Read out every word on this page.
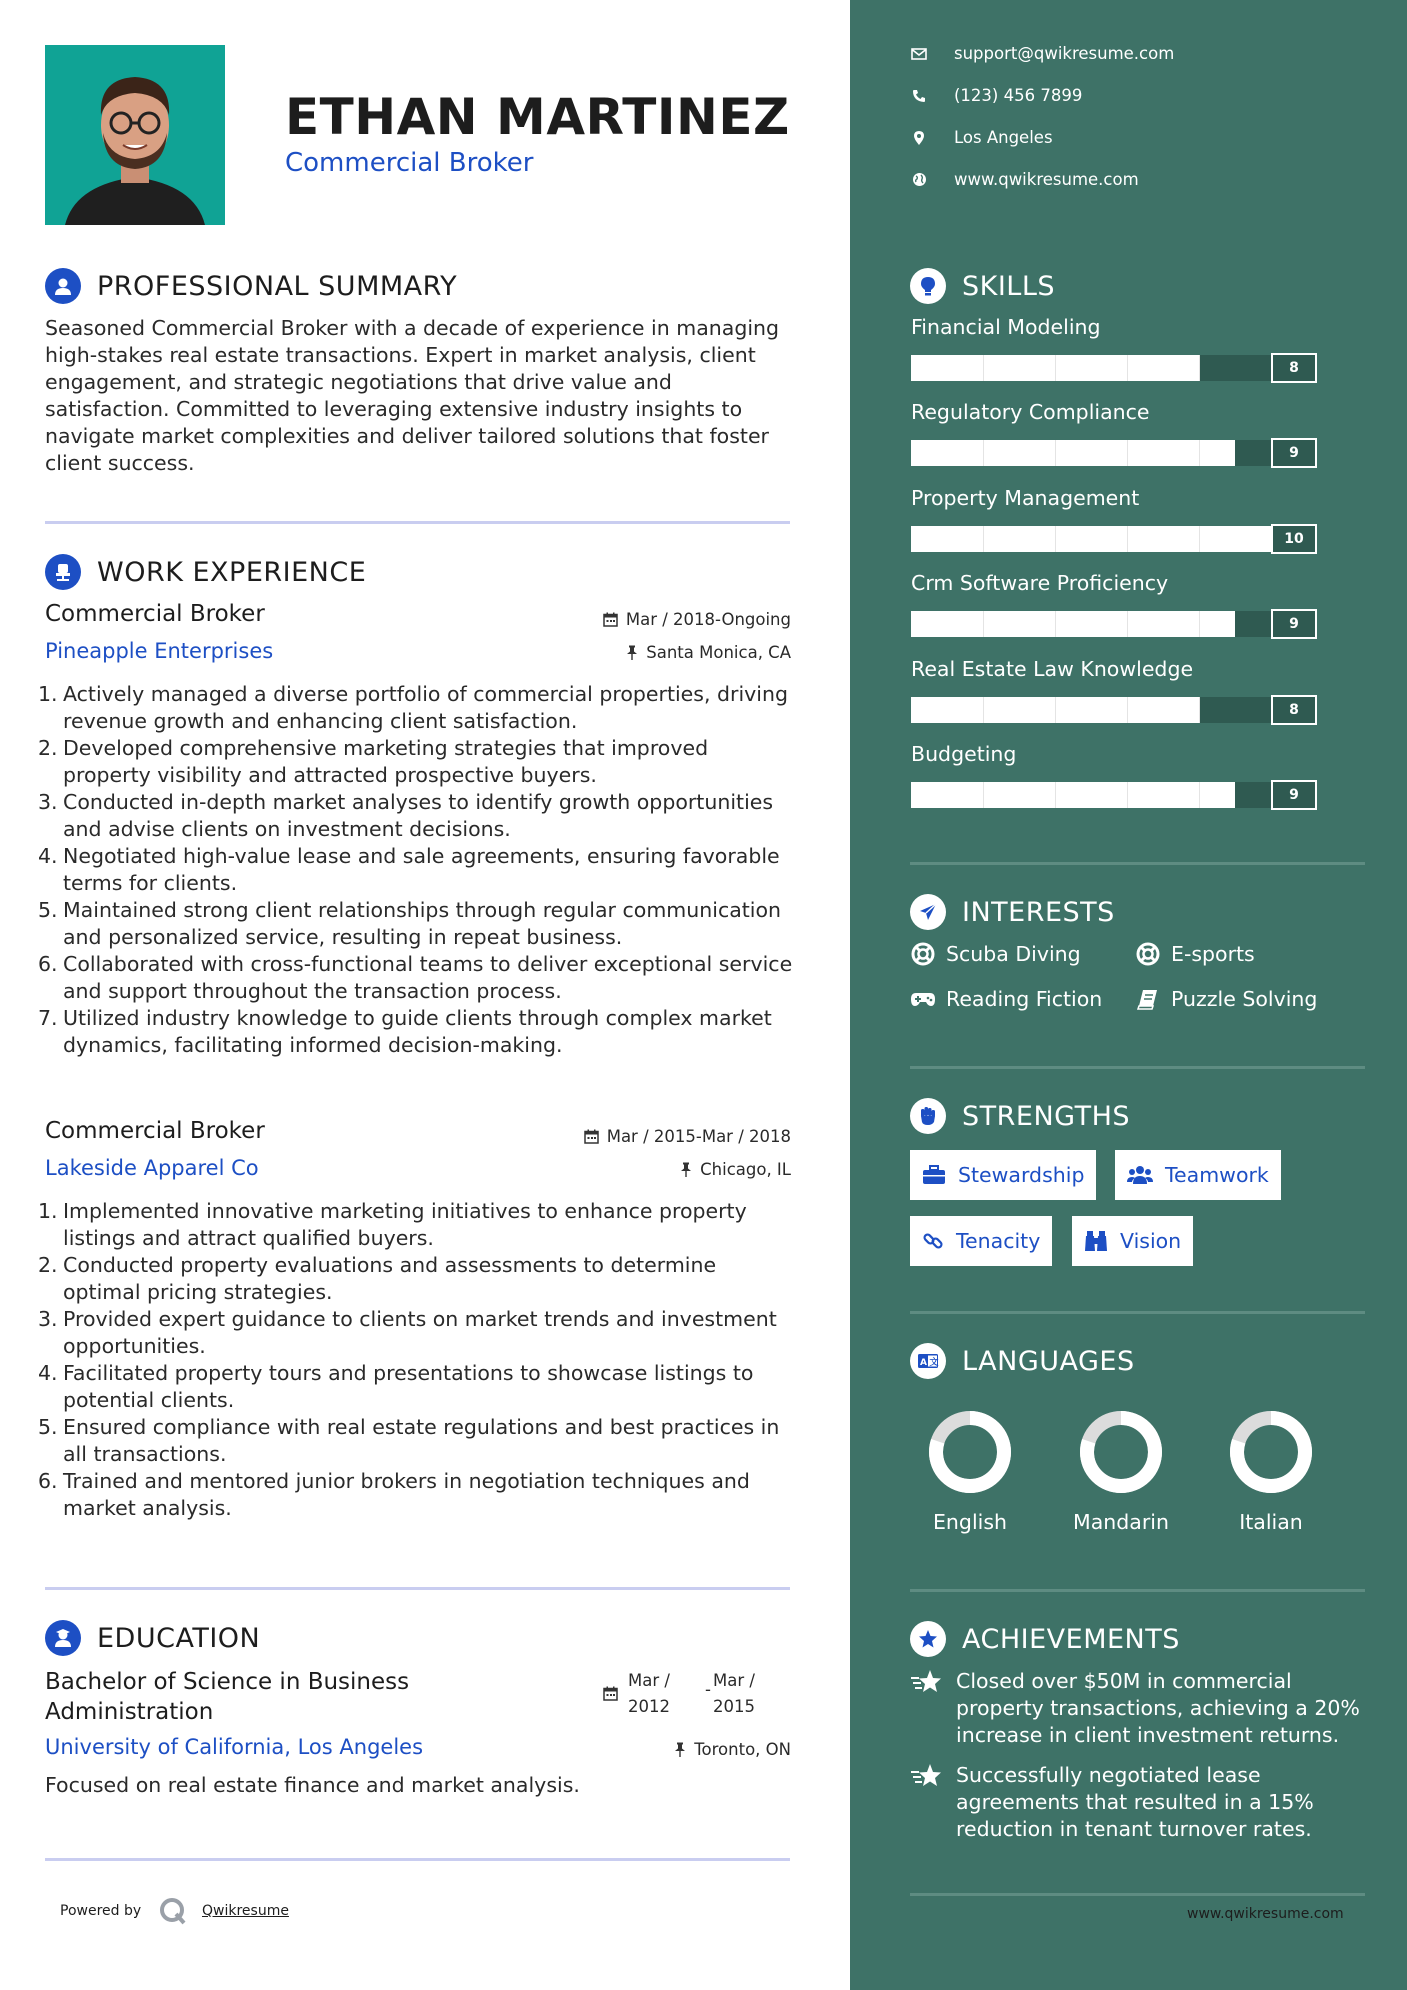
ETHAN MARTINEZ
Commercial Broker
PROFESSIONAL SUMMARY
Seasoned Commercial Broker with a decade of experience in managing high-stakes real estate transactions. Expert in market analysis, client engagement, and strategic negotiations that drive value and satisfaction. Committed to leveraging extensive industry insights to navigate market complexities and deliver tailored solutions that foster client success.
WORK EXPERIENCE
Commercial Broker
Pineapple Enterprises
Mar / 2018-Ongoing
Santa Monica, CA
1. Actively managed a diverse portfolio of commercial properties, driving revenue growth and enhancing client satisfaction.
2. Developed comprehensive marketing strategies that improved property visibility and attracted prospective buyers.
3. Conducted in-depth market analyses to identify growth opportunities and advise clients on investment decisions.
4. Negotiated high-value lease and sale agreements, ensuring favorable terms for clients.
5. Maintained strong client relationships through regular communication and personalized service, resulting in repeat business.
6. Collaborated with cross-functional teams to deliver exceptional service and support throughout the transaction process.
7. Utilized industry knowledge to guide clients through complex market dynamics, facilitating informed decision-making.
Commercial Broker
Lakeside Apparel Co
Mar / 2015-Mar / 2018
Chicago, IL
1. Implemented innovative marketing initiatives to enhance property listings and attract qualified buyers.
2. Conducted property evaluations and assessments to determine optimal pricing strategies.
3. Provided expert guidance to clients on market trends and investment opportunities.
4. Facilitated property tours and presentations to showcase listings to potential clients.
5. Ensured compliance with real estate regulations and best practices in all transactions.
6. Trained and mentored junior brokers in negotiation techniques and market analysis.
EDUCATION
Bachelor of Science in Business
Administration
University of California, Los Angeles
Mar /
2012
- Mar /
2015
Toronto, ON
Focused on real estate finance and market analysis.
Powered by	Qwikresume
support@qwikresume.com
(123) 456 7899
Los Angeles
www.qwikresume.com
SKILLS
Financial Modeling
8
Regulatory Compliance
9
Property Management
10
Crm Software Proficiency
9
Real Estate Law Knowledge
8
Budgeting
9
INTERESTS
Scuba Diving	E-sports
Reading Fiction	Puzzle Solving
STRENGTHS
Stewardship	Teamwork
Tenacity	Vision
A 文 LANGUAGES
English	Mandarin	Italian
ACHIEVEMENTS
Closed over $50M in commercial property transactions, achieving a 20% increase in client investment returns.
Successfully negotiated lease agreements that resulted in a 15% reduction in tenant turnover rates.
www.qwikresume.com
